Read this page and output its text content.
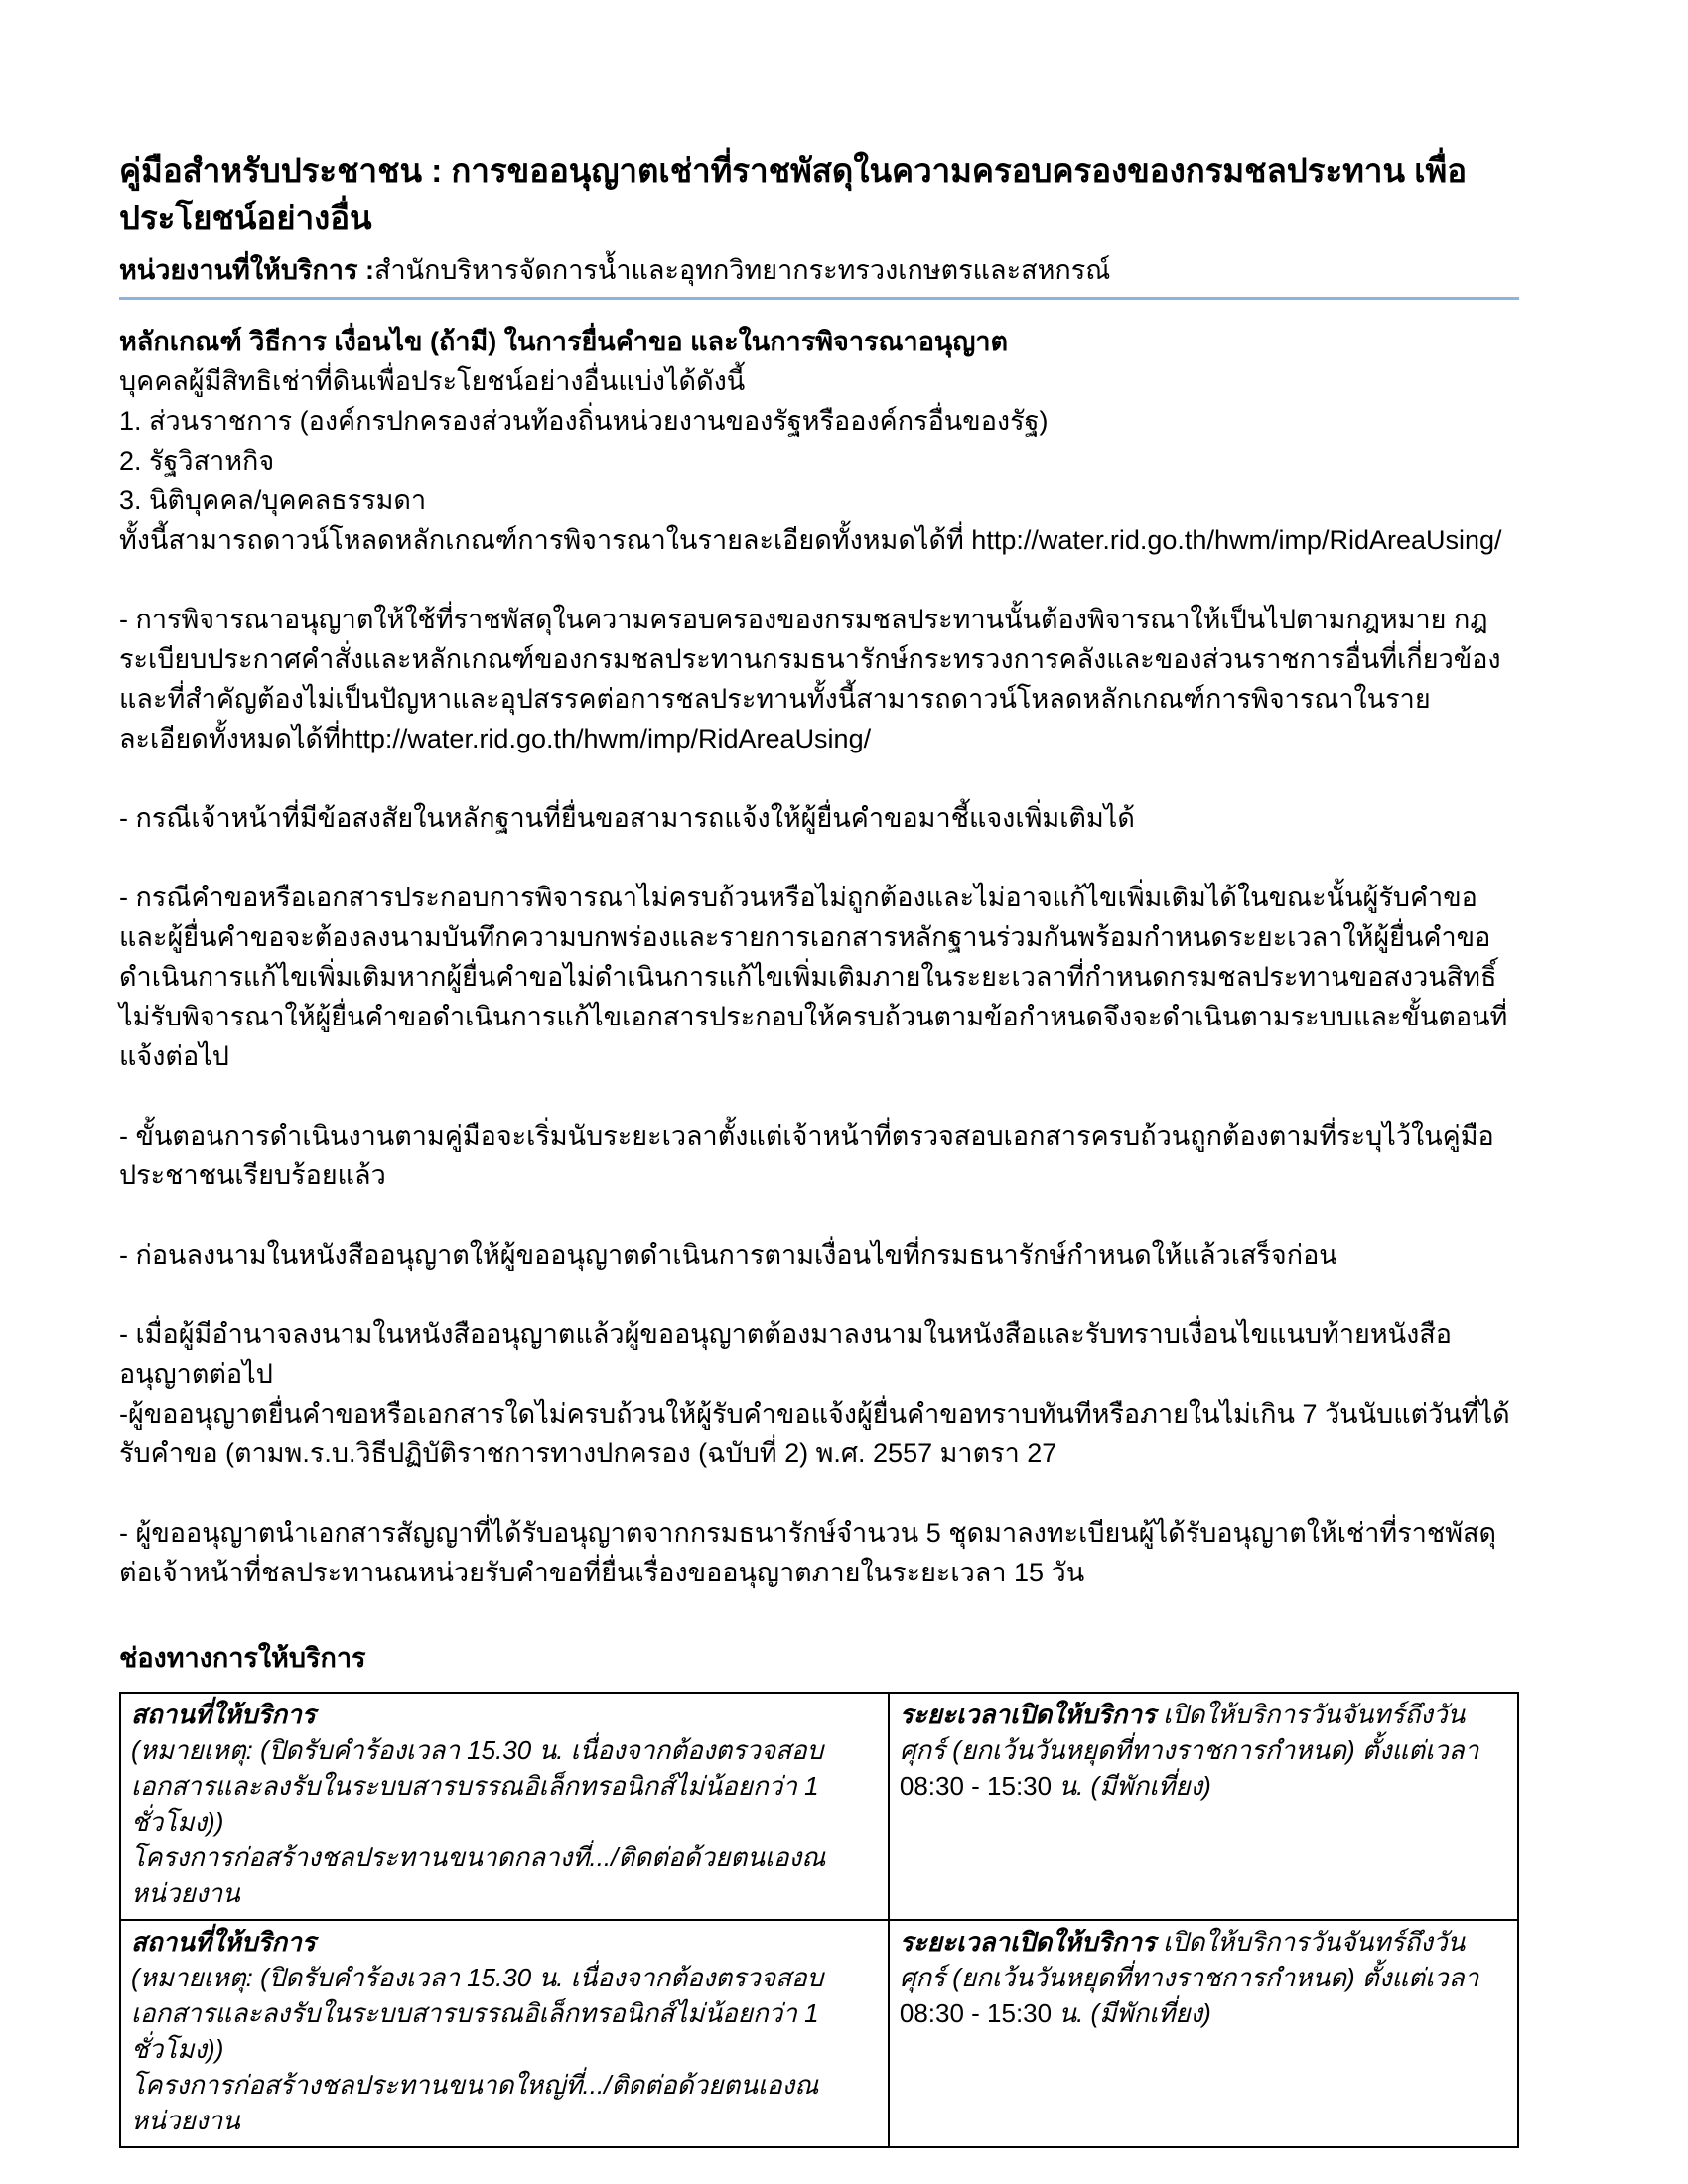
คู่มือสำหรับประชาชน : การขออนุญาตเช่าที่ราชพัสดุในความครอบครองของกรมชลประทาน เพื่อประโยชน์อย่างอื่น
หน่วยงานที่ให้บริการ :สำนักบริหารจัดการน้ำและอุทกวิทยากระทรวงเกษตรและสหกรณ์
หลักเกณฑ์ วิธีการ เงื่อนไข (ถ้ามี) ในการยื่นคำขอ และในการพิจารณาอนุญาต
บุคคลผู้มีสิทธิเช่าที่ดินเพื่อประโยชน์อย่างอื่นแบ่งได้ดังนี้
1. ส่วนราชการ (องค์กรปกครองส่วนท้องถิ่นหน่วยงานของรัฐหรือองค์กรอื่นของรัฐ)
2. รัฐวิสาหกิจ
3. นิติบุคคล/บุคคลธรรมดา
ทั้งนี้สามารถดาวน์โหลดหลักเกณฑ์การพิจารณาในรายละเอียดทั้งหมดได้ที่ http://water.rid.go.th/hwm/imp/RidAreaUsing/
- การพิจารณาอนุญาตให้ใช้ที่ราชพัสดุในความครอบครองของกรมชลประทานนั้นต้องพิจารณาให้เป็นไปตามกฎหมาย กฎระเบียบประกาศคำสั่งและหลักเกณฑ์ของกรมชลประทานกรมธนารักษ์กระทรวงการคลังและของส่วนราชการอื่นที่เกี่ยวข้อง และที่สำคัญต้องไม่เป็นปัญหาและอุปสรรคต่อการชลประทานทั้งนี้สามารถดาวน์โหลดหลักเกณฑ์การพิจารณาในรายละเอียดทั้งหมดได้ที่http://water.rid.go.th/hwm/imp/RidAreaUsing/
- กรณีเจ้าหน้าที่มีข้อสงสัยในหลักฐานที่ยื่นขอสามารถแจ้งให้ผู้ยื่นคำขอมาชี้แจงเพิ่มเติมได้
- กรณีคำขอหรือเอกสารประกอบการพิจารณาไม่ครบถ้วนหรือไม่ถูกต้องและไม่อาจแก้ไขเพิ่มเติมได้ในขณะนั้นผู้รับคำขอและผู้ยื่นคำขอจะต้องลงนามบันทึกความบกพร่องและรายการเอกสารหลักฐานร่วมกันพร้อมกำหนดระยะเวลาให้ผู้ยื่นคำขอดำเนินการแก้ไขเพิ่มเติมหากผู้ยื่นคำขอไม่ดำเนินการแก้ไขเพิ่มเติมภายในระยะเวลาที่กำหนดกรมชลประทานขอสงวนสิทธิ์ไม่รับพิจารณาให้ผู้ยื่นคำขอดำเนินการแก้ไขเอกสารประกอบให้ครบถ้วนตามข้อกำหนดจึงจะดำเนินตามระบบและขั้นตอนที่แจ้งต่อไป
- ขั้นตอนการดำเนินงานตามคู่มือจะเริ่มนับระยะเวลาตั้งแต่เจ้าหน้าที่ตรวจสอบเอกสารครบถ้วนถูกต้องตามที่ระบุไว้ในคู่มือประชาชนเรียบร้อยแล้ว
- ก่อนลงนามในหนังสืออนุญาตให้ผู้ขออนุญาตดำเนินการตามเงื่อนไขที่กรมธนารักษ์กำหนดให้แล้วเสร็จก่อน
- เมื่อผู้มีอำนาจลงนามในหนังสืออนุญาตแล้วผู้ขออนุญาตต้องมาลงนามในหนังสือและรับทราบเงื่อนไขแนบท้ายหนังสืออนุญาตต่อไป
-ผู้ขออนุญาตยื่นคำขอหรือเอกสารใดไม่ครบถ้วนให้ผู้รับคำขอแจ้งผู้ยื่นคำขอทราบทันทีหรือภายในไม่เกิน 7 วันนับแต่วันที่ได้รับคำขอ (ตามพ.ร.บ.วิธีปฏิบัติราชการทางปกครอง (ฉบับที่ 2) พ.ศ. 2557 มาตรา 27
- ผู้ขออนุญาตนำเอกสารสัญญาที่ได้รับอนุญาตจากกรมธนารักษ์จำนวน 5 ชุดมาลงทะเบียนผู้ได้รับอนุญาตให้เช่าที่ราชพัสดุต่อเจ้าหน้าที่ชลประทานณหน่วยรับคำขอที่ยื่นเรื่องขออนุญาตภายในระยะเวลา 15 วัน
ช่องทางการให้บริการ
สถานที่ให้บริการ
(หมายเหตุ: (ปิดรับคำร้องเวลา 15.30 น. เนื่องจากต้องตรวจสอบเอกสารและลงรับในระบบสารบรรณอิเล็กทรอนิกส์ไม่น้อยกว่า 1 ชั่วโมง))
โครงการก่อสร้างชลประทานขนาดกลางที่.../ติดต่อด้วยตนเองณหน่วยงาน	ระยะเวลาเปิดให้บริการ เปิดให้บริการวันจันทร์ถึงวันศุกร์ (ยกเว้นวันหยุดที่ทางราชการกำหนด) ตั้งแต่เวลา 08:30 - 15:30 น. (มีพักเที่ยง)

สถานที่ให้บริการ
(หมายเหตุ: (ปิดรับคำร้องเวลา 15.30 น. เนื่องจากต้องตรวจสอบเอกสารและลงรับในระบบสารบรรณอิเล็กทรอนิกส์ไม่น้อยกว่า 1 ชั่วโมง))
โครงการก่อสร้างชลประทานขนาดใหญ่ที่.../ติดต่อด้วยตนเองณหน่วยงาน	ระยะเวลาเปิดให้บริการ เปิดให้บริการวันจันทร์ถึงวันศุกร์ (ยกเว้นวันหยุดที่ทางราชการกำหนด) ตั้งแต่เวลา 08:30 - 15:30 น. (มีพักเที่ยง)
